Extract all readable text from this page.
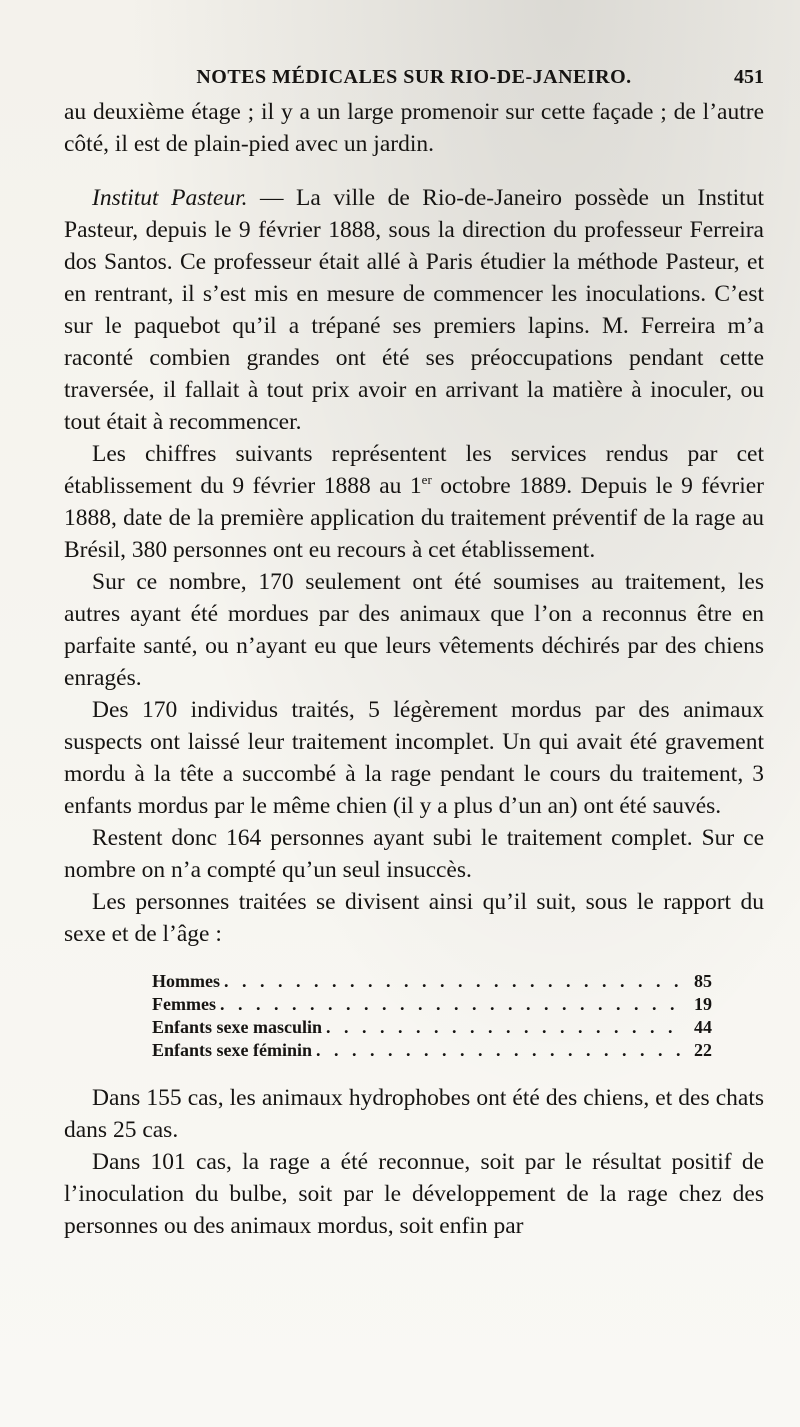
NOTES MÉDICALES SUR RIO-DE-JANEIRO.	451

au deuxième étage ; il y a un large promenoir sur cette façade ; de l’autre côté, il est de plain-pied avec un jardin.

Institut Pasteur. — La ville de Rio-de-Janeiro possède un Institut Pasteur, depuis le 9 février 1888, sous la direction du professeur Ferreira dos Santos. Ce professeur était allé à Paris étudier la méthode Pasteur, et en rentrant, il s’est mis en mesure de commencer les inoculations. C’est sur le paquebot qu’il a trépané ses premiers lapins. M. Ferreira m’a raconté combien grandes ont été ses préoccupations pendant cette traversée, il fallait à tout prix avoir en arrivant la matière à inoculer, ou tout était à recommencer.

Les chiffres suivants représentent les services rendus par cet établissement du 9 février 1888 au 1er octobre 1889. Depuis le 9 février 1888, date de la première application du traitement préventif de la rage au Brésil, 380 personnes ont eu recours à cet établissement.

Sur ce nombre, 170 seulement ont été soumises au traitement, les autres ayant été mordues par des animaux que l’on a reconnus être en parfaite santé, ou n’ayant eu que leurs vêtements déchirés par des chiens enragés.

Des 170 individus traités, 5 légèrement mordus par des animaux suspects ont laissé leur traitement incomplet. Un qui avait été gravement mordu à la tête a succombé à la rage pendant le cours du traitement, 3 enfants mordus par le même chien (il y a plus d’un an) ont été sauvés.

Restent donc 164 personnes ayant subi le traitement complet. Sur ce nombre on n’a compté qu’un seul insuccès.

Les personnes traitées se divisent ainsi qu’il suit, sous le rapport du sexe et de l’âge :

Hommes . . .	85
Femmes . . .	19
Enfants sexe masculin . . .	44
Enfants sexe féminin . . .	22

Dans 155 cas, les animaux hydrophobes ont été des chiens, et des chats dans 25 cas.

Dans 101 cas, la rage a été reconnue, soit par le résultat positif de l’inoculation du bulbe, soit par le développement de la rage chez des personnes ou des animaux mordus, soit enfin par
